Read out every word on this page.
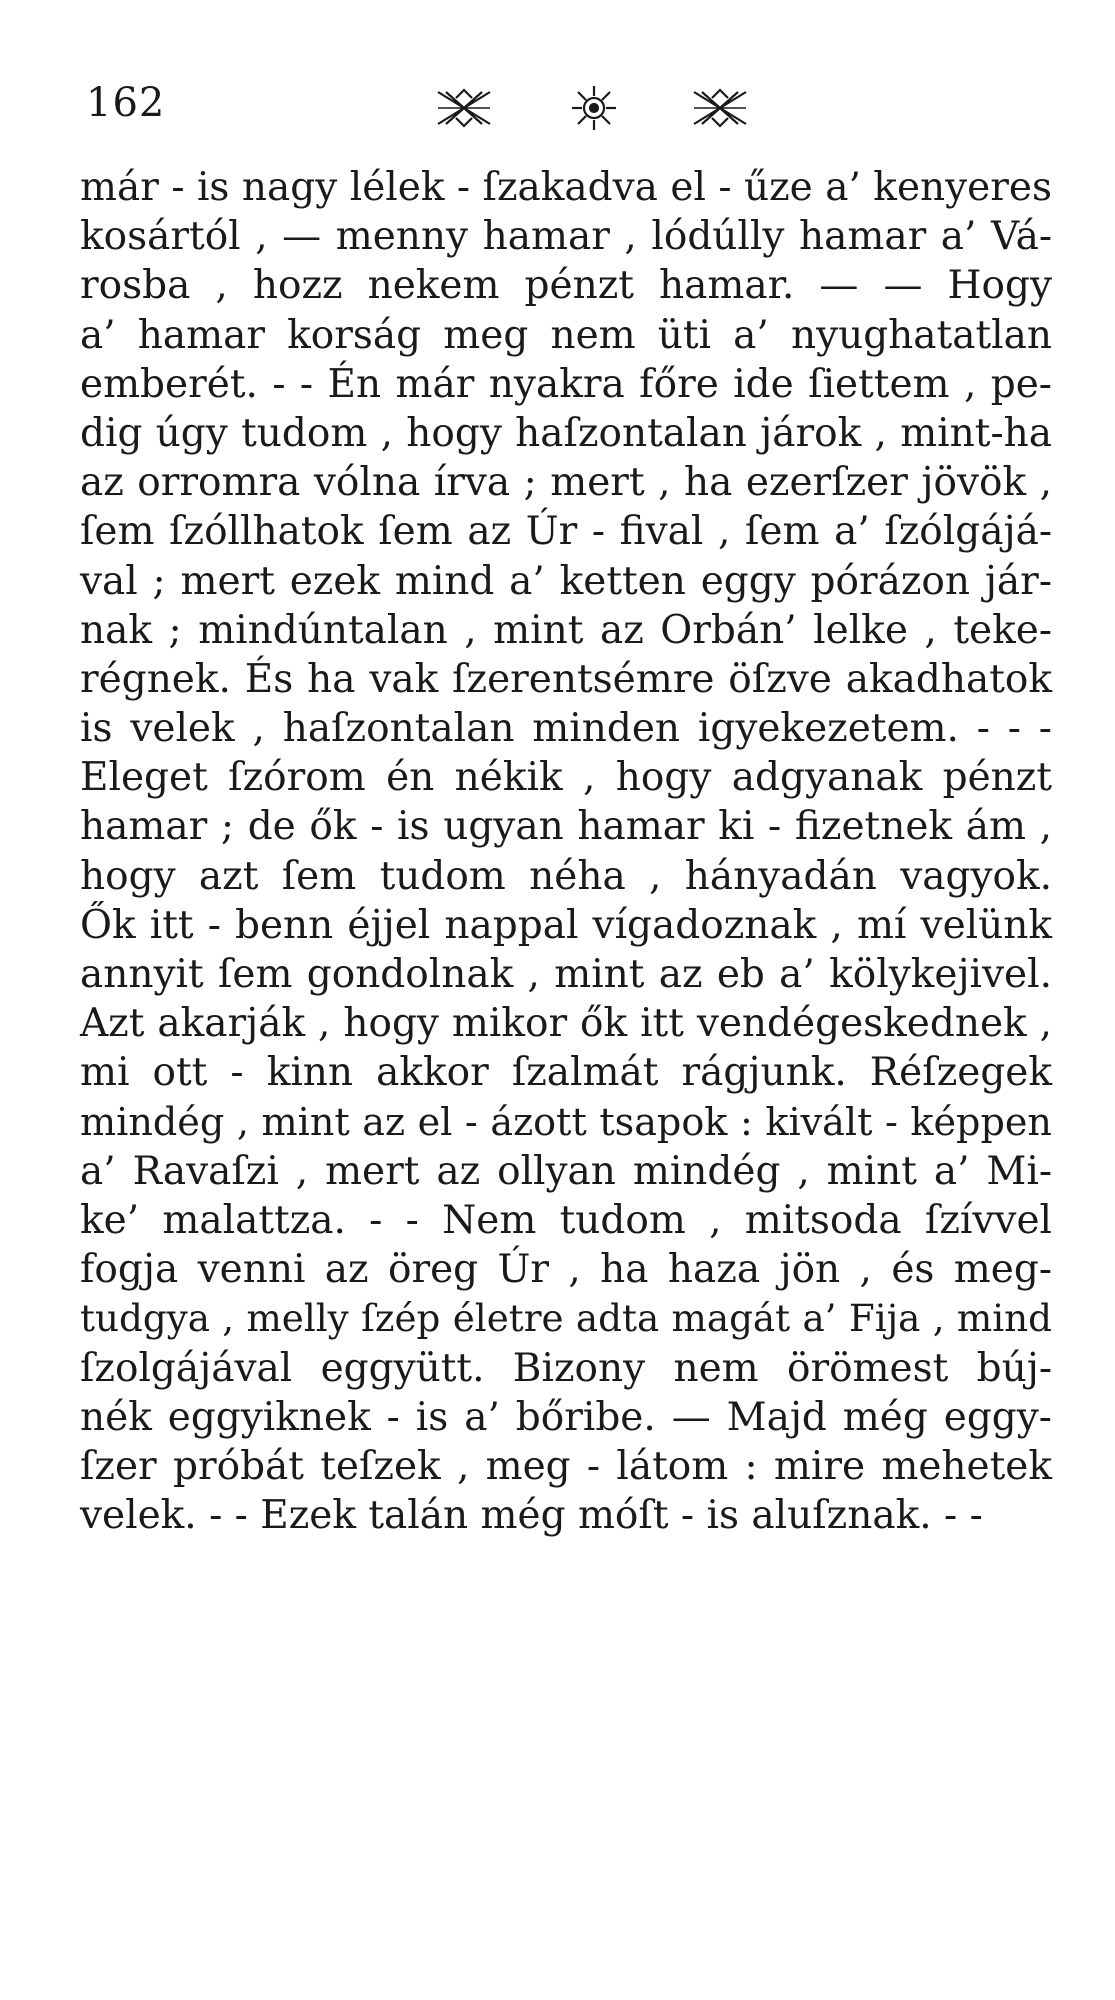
162
már - is nagy lélek - ſzakadva el - űze a’ kenyeres
kosártól , — menny hamar , lódúlly hamar a’ Vá-
rosba , hozz nekem pénzt hamar. — — Hogy
a’ hamar korság meg nem üti a’ nyughatatlan
emberét. - - Én már nyakra főre ide ſiettem , pe-
dig úgy tudom , hogy haſzontalan járok , mint-ha
az orromra vólna írva ; mert , ha ezerſzer jövök ,
ſem ſzóllhatok ſem az Úr - fival , ſem a’ ſzólgájá-
val ; mert ezek mind a’ ketten eggy pórázon jár-
nak ; mindúntalan , mint az Orbán’ lelke , teke-
régnek. És ha vak ſzerentsémre öſzve akadhatok
is velek , haſzontalan minden igyekezetem. - - -
Eleget ſzórom én nékik , hogy adgyanak pénzt
hamar ; de ők - is ugyan hamar ki - fizetnek ám ,
hogy azt ſem tudom néha , hányadán vagyok.
Ők itt - benn éjjel nappal vígadoznak , mí velünk
annyit ſem gondolnak , mint az eb a’ kölykejivel.
Azt akarják , hogy mikor ők itt vendégeskednek ,
mi ott - kinn akkor ſzalmát rágjunk. Réſzegek
mindég , mint az el - ázott tsapok : kivált - képpen
a’ Ravaſzi , mert az ollyan mindég , mint a’ Mi-
ke’ malattza. - - Nem tudom , mitsoda ſzívvel
fogja venni az öreg Úr , ha haza jön , és meg-
tudgya , melly ſzép életre adta magát a’ Fija , mind
ſzolgájával eggyütt. Bizony nem örömest búj-
nék eggyiknek - is a’ bőribe. — Majd még eggy-
ſzer próbát teſzek , meg - látom : mire mehetek
velek. - - Ezek talán még móſt - is aluſznak. - -
